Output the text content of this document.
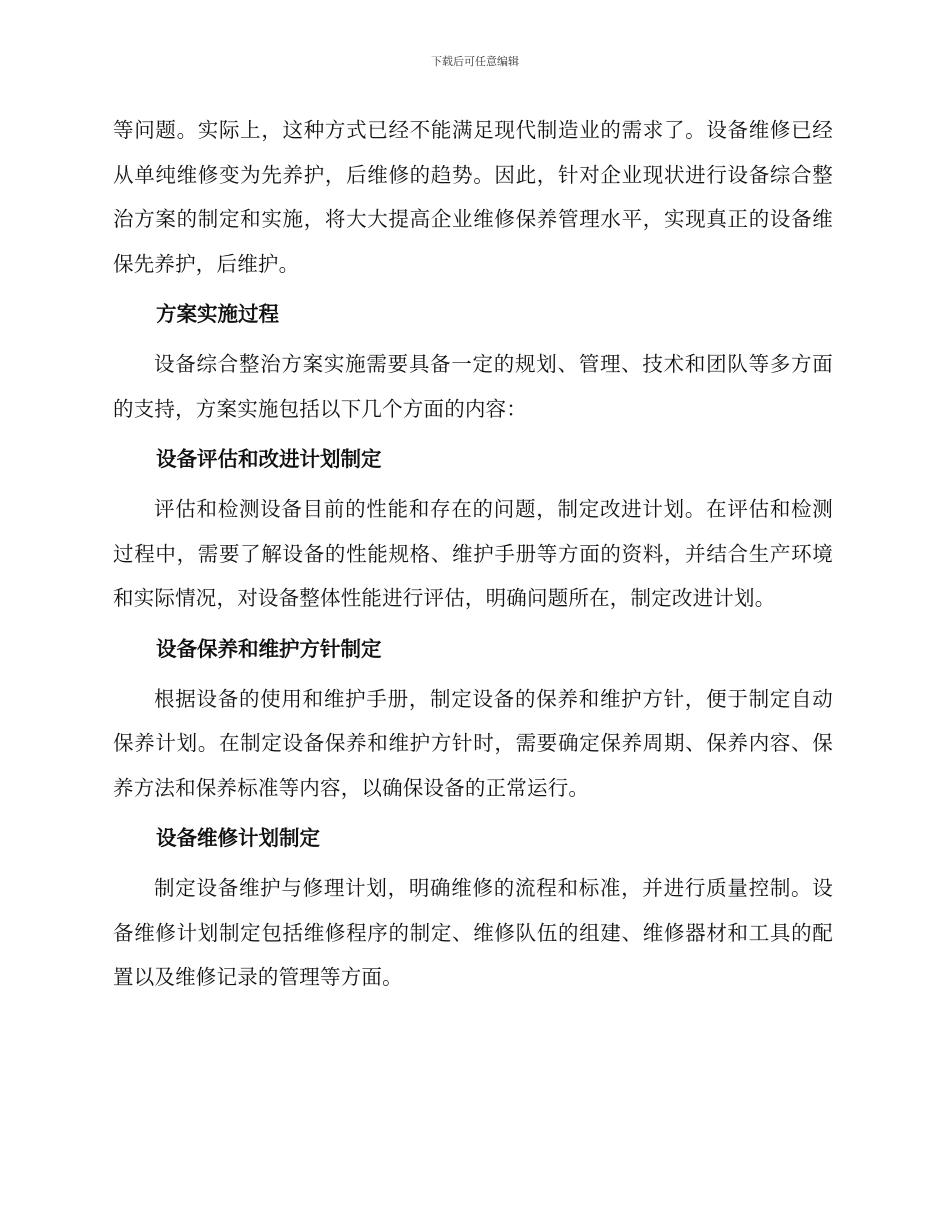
下载后可任意编辑

等问题。实际上，这种方式已经不能满足现代制造业的需求了。设备维修已经从单纯维修变为先养护，后维修的趋势。因此，针对企业现状进行设备综合整治方案的制定和实施，将大大提高企业维修保养管理水平，实现真正的设备维保先养护，后维护。

方案实施过程

设备综合整治方案实施需要具备一定的规划、管理、技术和团队等多方面的支持，方案实施包括以下几个方面的内容：

设备评估和改进计划制定

评估和检测设备目前的性能和存在的问题，制定改进计划。在评估和检测过程中，需要了解设备的性能规格、维护手册等方面的资料，并结合生产环境和实际情况，对设备整体性能进行评估，明确问题所在，制定改进计划。

设备保养和维护方针制定

根据设备的使用和维护手册，制定设备的保养和维护方针，便于制定自动保养计划。在制定设备保养和维护方针时，需要确定保养周期、保养内容、保养方法和保养标准等内容，以确保设备的正常运行。

设备维修计划制定

制定设备维护与修理计划，明确维修的流程和标准，并进行质量控制。设备维修计划制定包括维修程序的制定、维修队伍的组建、维修器材和工具的配置以及维修记录的管理等方面。
